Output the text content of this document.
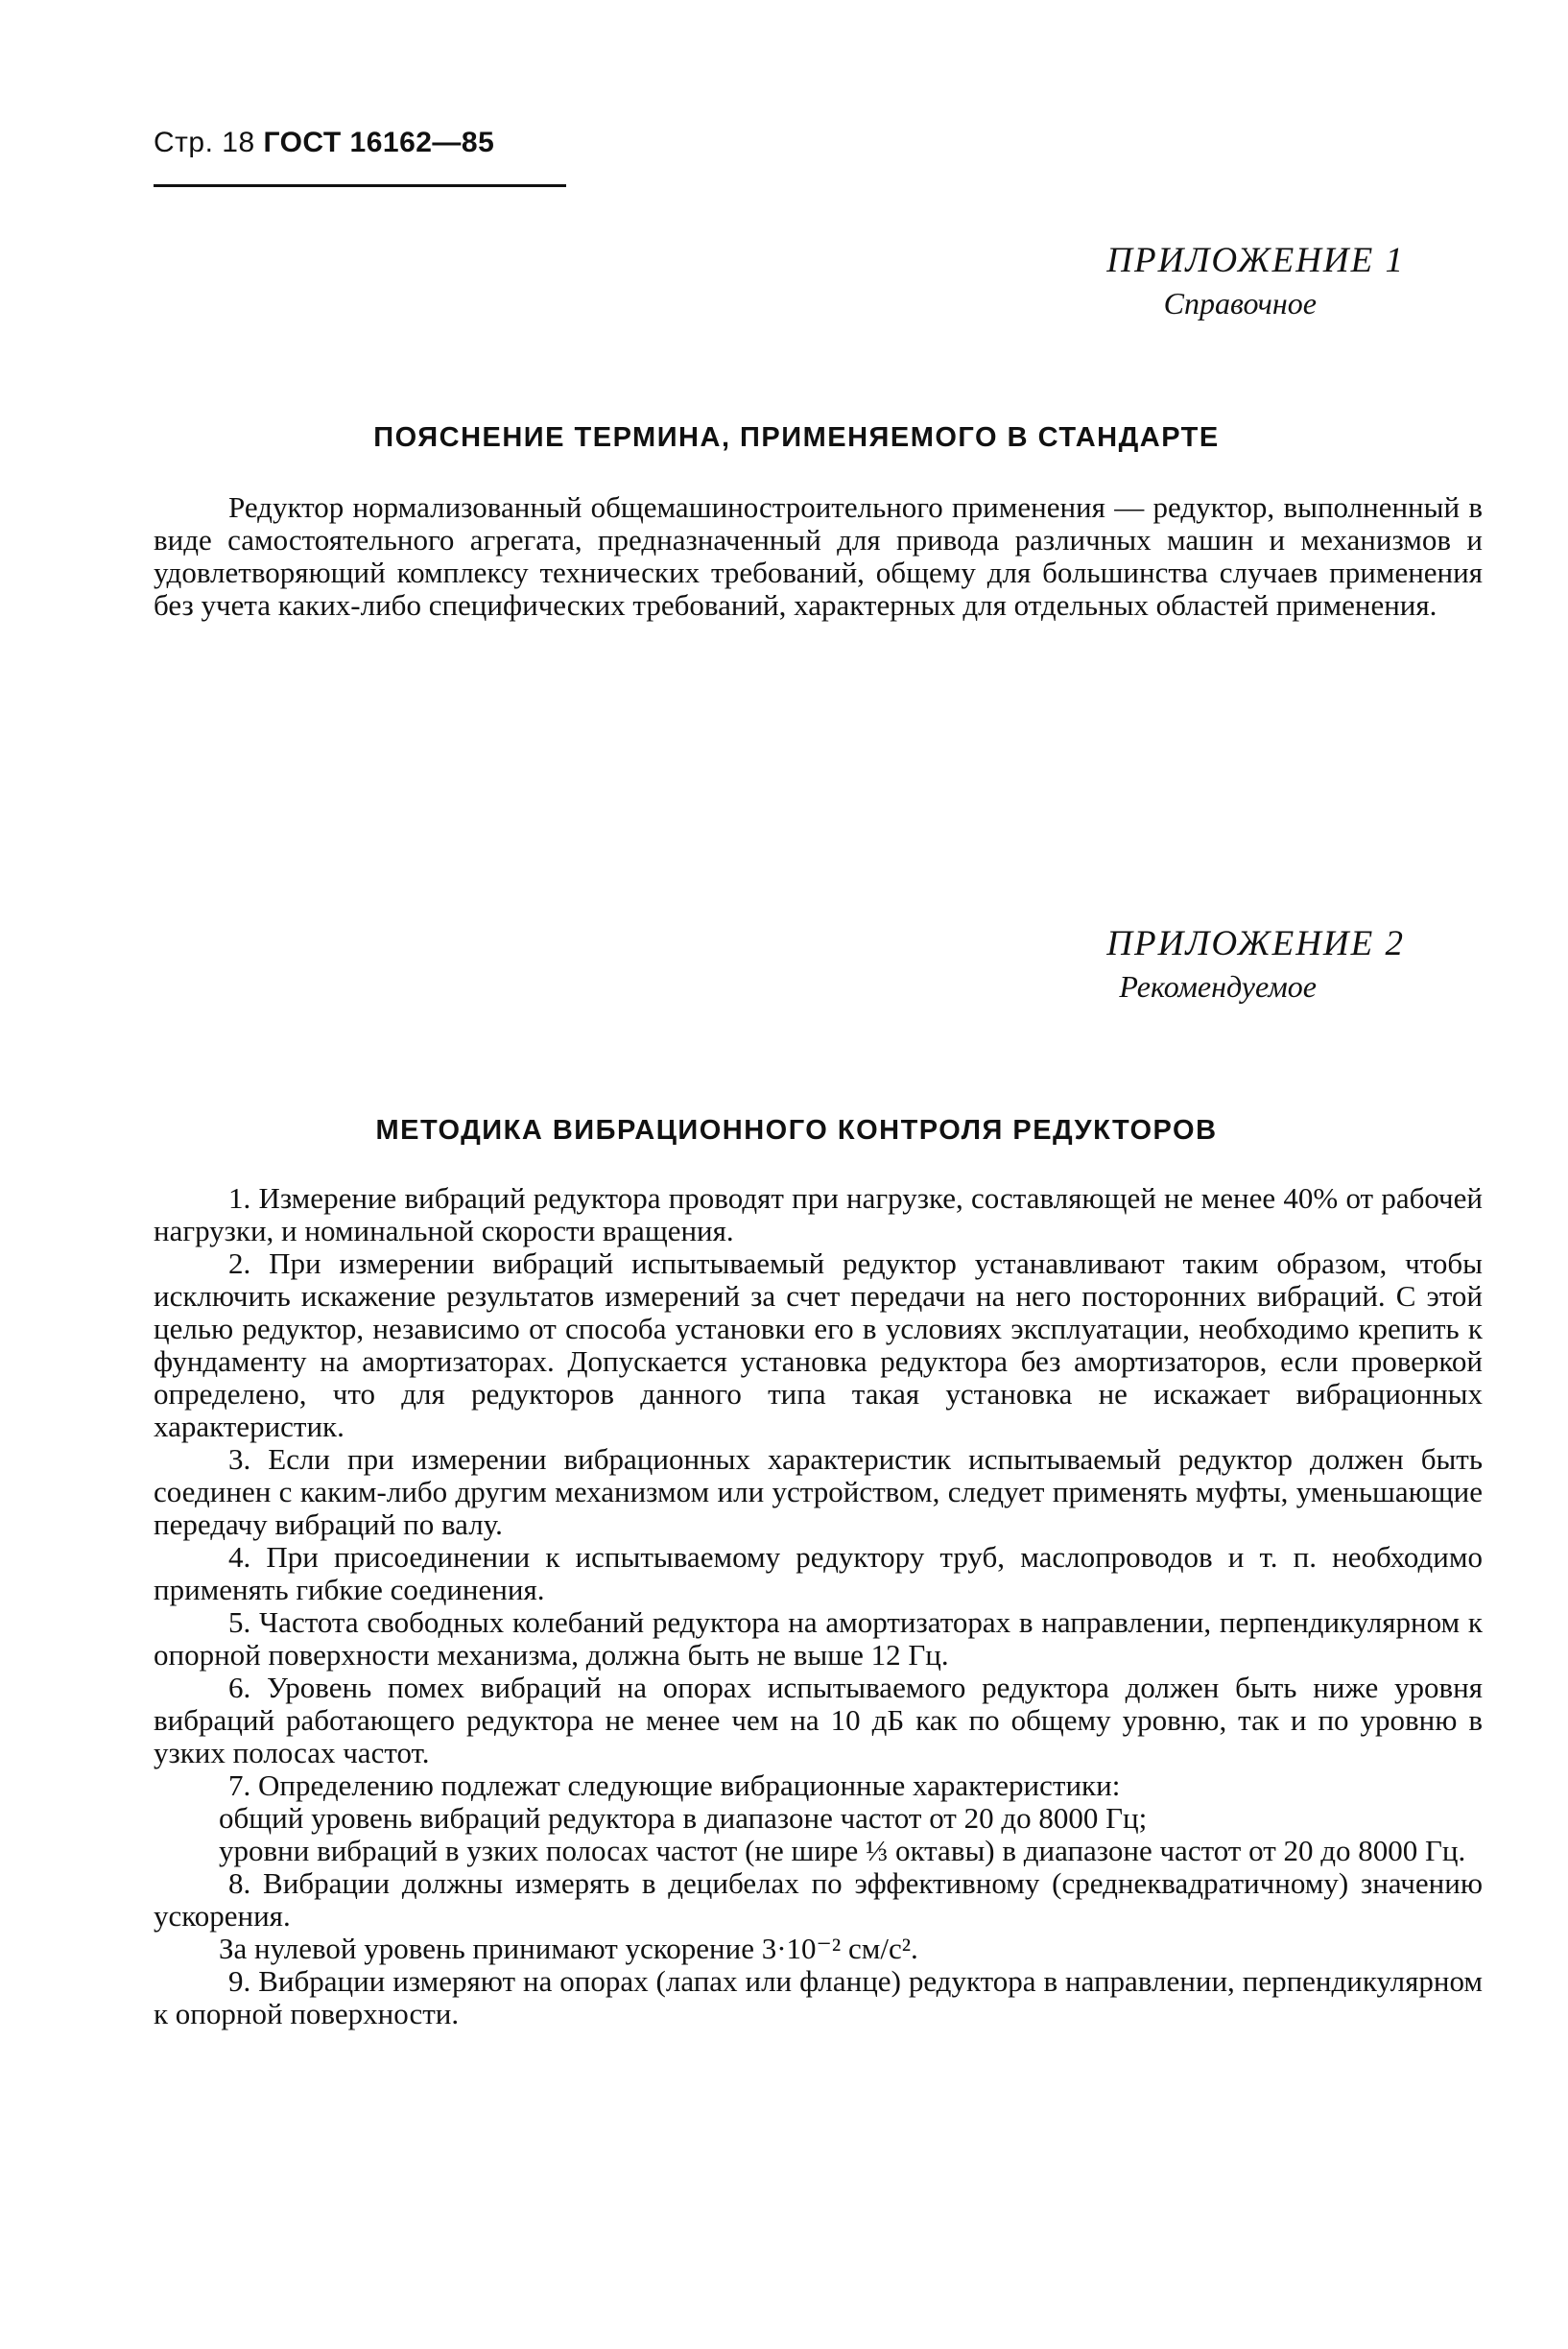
Стр. 18 ГОСТ 16162—85
ПРИЛОЖЕНИЕ 1
Справочное
ПОЯСНЕНИЕ ТЕРМИНА, ПРИМЕНЯЕМОГО В СТАНДАРТЕ

Редуктор нормализованный общемашиностроительного применения — редуктор, выполненный в виде самостоятельного агрегата, предназначенный для привода различных машин и механизмов и удовлетворяющий комплексу технических требований, общему для большинства случаев применения без учета каких-либо специфических требований, характерных для отдельных областей применения.

ПРИЛОЖЕНИЕ 2
Рекомендуемое
МЕТОДИКА ВИБРАЦИОННОГО КОНТРОЛЯ РЕДУКТОРОВ

1. Измерение вибраций редуктора проводят при нагрузке, составляющей не менее 40% от рабочей нагрузки, и номинальной скорости вращения.

2. При измерении вибраций испытываемый редуктор устанавливают таким образом, чтобы исключить искажение результатов измерений за счет передачи на него посторонних вибраций. С этой целью редуктор, независимо от способа установки его в условиях эксплуатации, необходимо крепить к фундаменту на амортизаторах. Допускается установка редуктора без амортизаторов, если проверкой определено, что для редукторов данного типа такая установка не искажает вибрационных характеристик.

3. Если при измерении вибрационных характеристик испытываемый редуктор должен быть соединен с каким-либо другим механизмом или устройством, следует применять муфты, уменьшающие передачу вибраций по валу.

4. При присоединении к испытываемому редуктору труб, маслопроводов и т. п. необходимо применять гибкие соединения.

5. Частота свободных колебаний редуктора на амортизаторах в направлении, перпендикулярном к опорной поверхности механизма, должна быть не выше 12 Гц.

6. Уровень помех вибраций на опорах испытываемого редуктора должен быть ниже уровня вибраций работающего редуктора не менее чем на 10 дБ как по общему уровню, так и по уровню в узких полосах частот.

7. Определению подлежат следующие вибрационные характеристики:

общий уровень вибраций редуктора в диапазоне частот от 20 до 8000 Гц;

уровни вибраций в узких полосах частот (не шире ⅓ октавы) в диапазоне частот от 20 до 8000 Гц.

8. Вибрации должны измерять в децибелах по эффективному (среднеквадратичному) значению ускорения.

За нулевой уровень принимают ускорение 3·10⁻² см/с².

9. Вибрации измеряют на опорах (лапах или фланце) редуктора в направлении, перпендикулярном к опорной поверхности.
